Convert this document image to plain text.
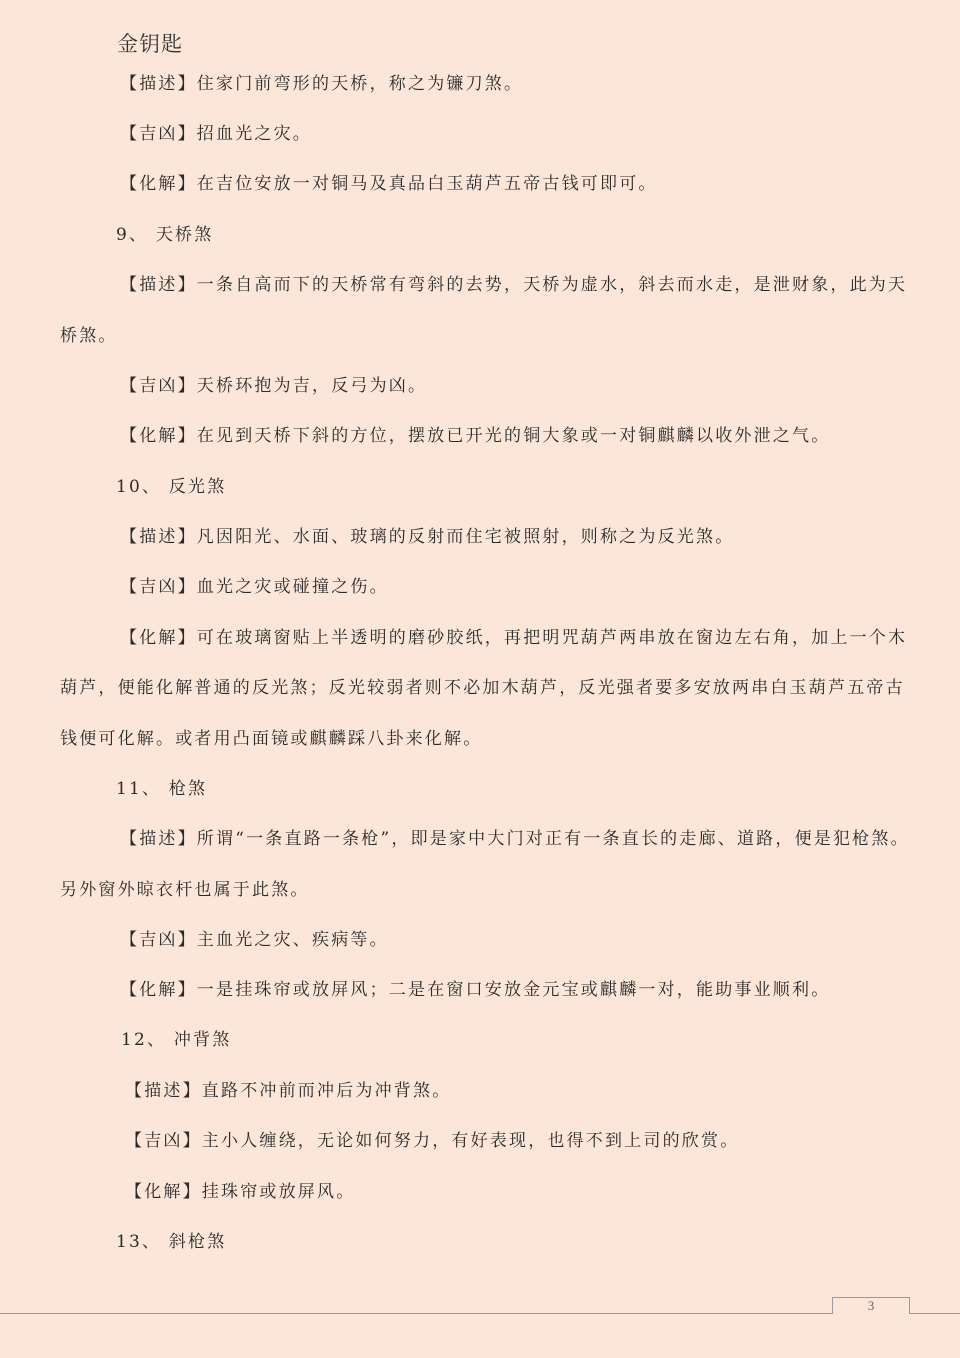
金钥匙
【描述】住家门前弯形的天桥，称之为镰刀煞。
【吉凶】招血光之灾。
【化解】在吉位安放一对铜马及真品白玉葫芦五帝古钱可即可。
9、 天桥煞
【描述】一条自高而下的天桥常有弯斜的去势，天桥为虚水，斜去而水走，是泄财象，此为天
桥煞。
【吉凶】天桥环抱为吉，反弓为凶。
【化解】在见到天桥下斜的方位，摆放已开光的铜大象或一对铜麒麟以收外泄之气。
10、 反光煞
【描述】凡因阳光、水面、玻璃的反射而住宅被照射，则称之为反光煞。
【吉凶】血光之灾或碰撞之伤。
【化解】可在玻璃窗贴上半透明的磨砂胶纸，再把明咒葫芦两串放在窗边左右角，加上一个木
葫芦，便能化解普通的反光煞；反光较弱者则不必加木葫芦，反光强者要多安放两串白玉葫芦五帝古
钱便可化解。或者用凸面镜或麒麟踩八卦来化解。
11、 枪煞
【描述】所谓“一条直路一条枪”，即是家中大门对正有一条直长的走廊、道路，便是犯枪煞。
另外窗外晾衣杆也属于此煞。
【吉凶】主血光之灾、疾病等。
【化解】一是挂珠帘或放屏风；二是在窗口安放金元宝或麒麟一对，能助事业顺利。
12、 冲背煞
【描述】直路不冲前而冲后为冲背煞。
【吉凶】主小人缠绕，无论如何努力，有好表现，也得不到上司的欣赏。
【化解】挂珠帘或放屏风。
13、 斜枪煞
3
